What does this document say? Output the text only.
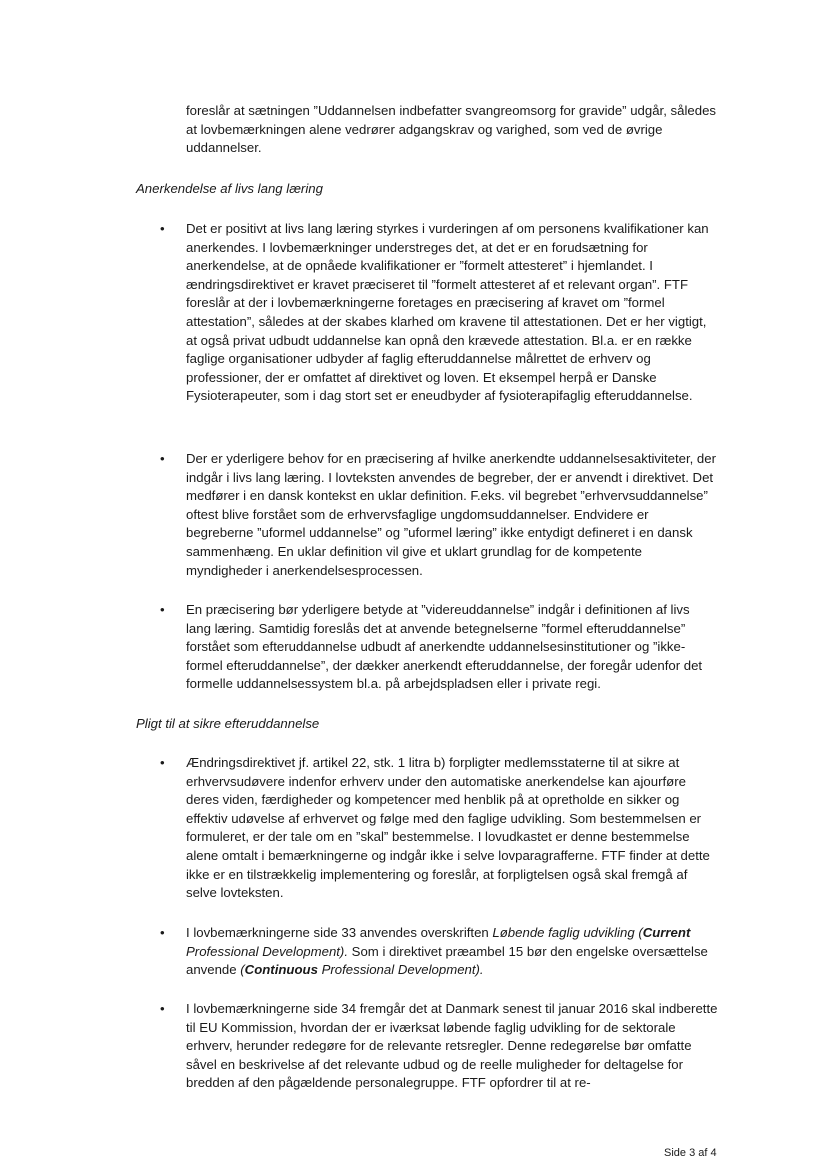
foreslår at sætningen ”Uddannelsen indbefatter svangreomsorg for gravide” udgår, således at lovbemærkningen alene vedrører adgangskrav og varighed, som ved de øvrige uddannelser.

Anerkendelse af livs lang læring

•	Det er positivt at livs lang læring styrkes i vurderingen af om personens kvalifikationer kan anerkendes. I lovbemærkninger understreges det, at det er en forudsætning for anerkendelse, at de opnåede kvalifikationer er ”formelt attesteret” i hjemlandet. I ændringsdirektivet er kravet præciseret til ”formelt attesteret af et relevant organ”. FTF foreslår at der i lovbemærkningerne foretages en præcisering af kravet om ”formel attestation”, således at der skabes klarhed om kravene til attestationen. Det er her vigtigt, at også privat udbudt uddannelse kan opnå den krævede attestation. Bl.a. er en række faglige organisationer udbyder af faglig efteruddannelse målrettet de erhverv og professioner, der er omfattet af direktivet og loven. Et eksempel herpå er Danske Fysioterapeuter, som i dag stort set er eneudbyder af fysioterapifaglig efteruddannelse.

•	Der er yderligere behov for en præcisering af hvilke anerkendte uddannelsesaktiviteter, der indgår i livs lang læring. I lovteksten anvendes de begreber, der er anvendt i direktivet. Det medfører i en dansk kontekst en uklar definition. F.eks. vil begrebet ”erhvervsuddannelse” oftest blive forstået som de erhvervsfaglige ungdomsuddannelser. Endvidere er begreberne ”uformel uddannelse” og ”uformel læring” ikke entydigt defineret i en dansk sammenhæng. En uklar definition vil give et uklart grundlag for de kompetente myndigheder i anerkendelsesprocessen.

•	En præcisering bør yderligere betyde at ”videreuddannelse” indgår i definitionen af livs lang læring. Samtidig foreslås det at anvende betegnelserne ”formel efteruddannelse” forstået som efteruddannelse udbudt af anerkendte uddannelsesinstitutioner og ”ikke-formel efteruddannelse”, der dækker anerkendt efteruddannelse, der foregår udenfor det formelle uddannelsessystem bl.a. på arbejdspladsen eller i private regi.

Pligt til at sikre efteruddannelse

•	Ændringsdirektivet jf. artikel 22, stk. 1 litra b) forpligter medlemsstaterne til at sikre at erhvervsudøvere indenfor erhverv under den automatiske anerkendelse kan ajourføre deres viden, færdigheder og kompetencer med henblik på at opretholde en sikker og effektiv udøvelse af erhvervet og følge med den faglige udvikling. Som bestemmelsen er formuleret, er der tale om en ”skal” bestemmelse. I lovudkastet er denne bestemmelse alene omtalt i bemærkningerne og indgår ikke i selve lovparagrafferne. FTF finder at dette ikke er en tilstrækkelig implementering og foreslår, at forpligtelsen også skal fremgå af selve lovteksten.

•	I lovbemærkningerne side 33 anvendes overskriften Løbende faglig udvikling (Current Professional Development). Som i direktivet præambel 15 bør den engelske oversættelse anvende (Continuous Professional Development).

•	I lovbemærkningerne side 34 fremgår det at Danmark senest til januar 2016 skal indberette til EU Kommission, hvordan der er iværksat løbende faglig udvikling for de sektorale erhverv, herunder redegøre for de relevante retsregler. Denne redegørelse bør omfatte såvel en beskrivelse af det relevante udbud og de reelle muligheder for deltagelse for bredden af den pågældende personalegruppe. FTF opfordrer til at re-

Side 3 af 4
